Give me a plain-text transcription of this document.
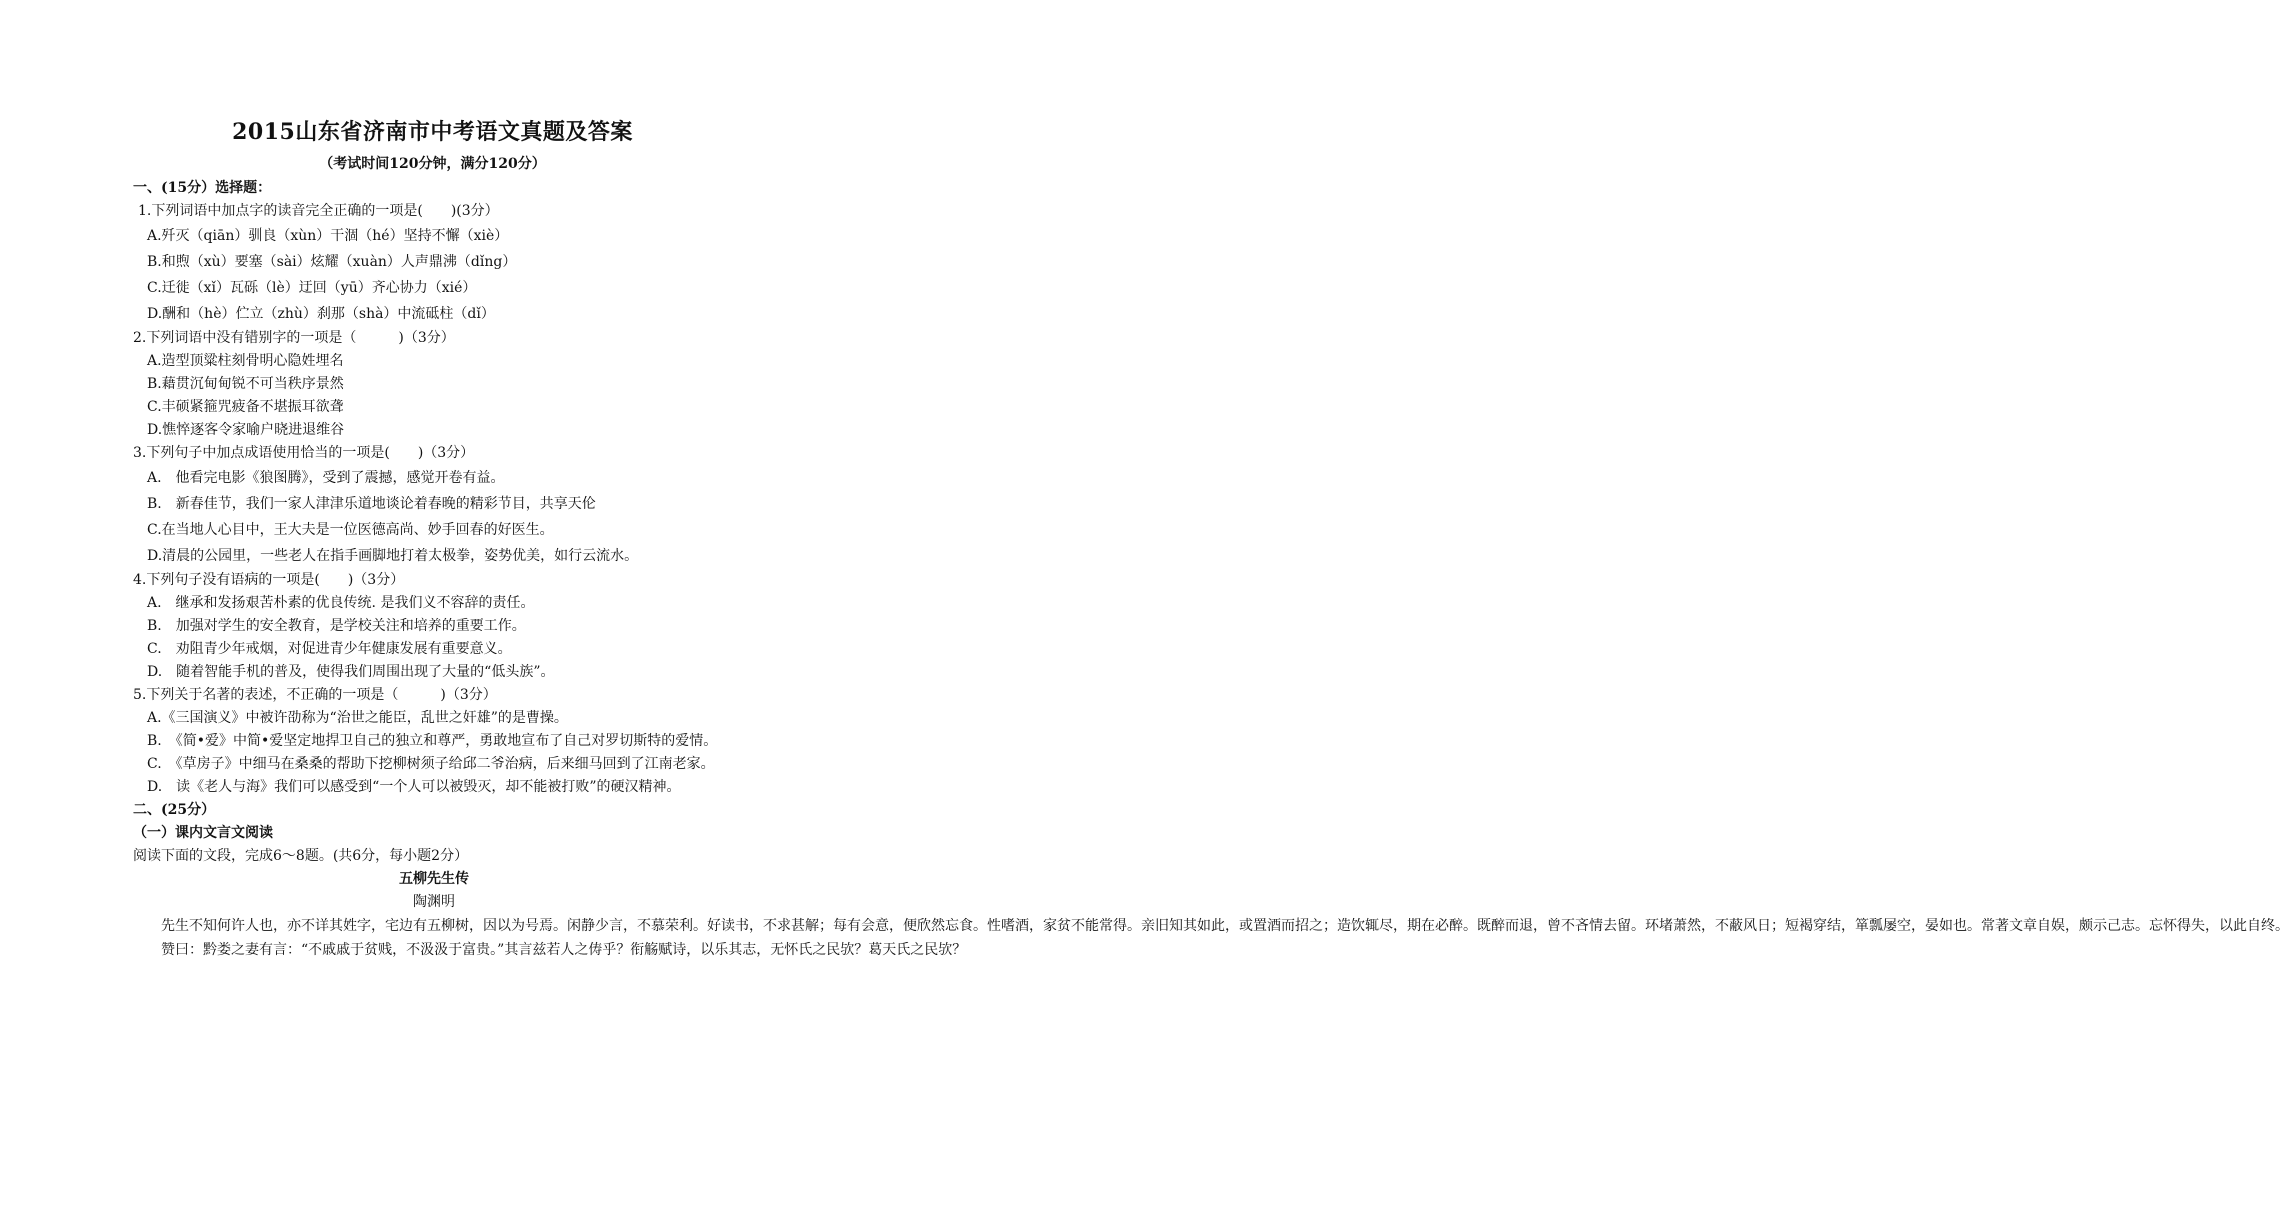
2015山东省济南市中考语文真题及答案
（考试时间120分钟，满分120分）

一、(15分）选择题：

1.下列词语中加点字的读音完全正确的一项是(　　)(3分）

A.歼灭（qiān）驯良（xùn）干涸（hé）坚持不懈（xiè）

B.和煦（xù）要塞（sài）炫耀（xuàn）人声鼎沸（dǐng）

C.迁徙（xǐ）瓦砾（lè）迂回（yū）齐心协力（xié）

D.酬和（hè）伫立（zhù）刹那（shà）中流砥柱（dǐ）

2.下列词语中没有错别字的一项是（　　　)（3分）

A.造型顶粱柱刻骨明心隐姓埋名

B.藉贯沉甸甸锐不可当秩序景然

C.丰硕紧箍咒疲备不堪振耳欲聋

D.憔悴逐客令家喻户晓进退维谷

3.下列句子中加点成语使用恰当的一项是(　　)（3分）

A.　他看完电影《狼图腾》，受到了震撼，感觉开卷有益。

B.　新春佳节，我们一家人津津乐道地谈论着春晚的精彩节目，共享天伦

C.在当地人心目中，王大夫是一位医德高尚、妙手回春的好医生。

D.清晨的公园里，一些老人在指手画脚地打着太极拳，姿势优美，如行云流水。

4.下列句子没有语病的一项是(　　)（3分）

A.　继承和发扬艰苦朴素的优良传统. 是我们义不容辞的责任。

B.　加强对学生的安全教育，是学校关注和培养的重要工作。

C.　劝阻青少年戒烟，对促进青少年健康发展有重要意义。

D.　随着智能手机的普及，使得我们周围出现了大量的“低头族”。

5.下列关于名著的表述，不正确的一项是（　　　)（3分）

A.《三国演义》中被许劭称为“治世之能臣，乱世之奸雄”的是曹操。

B.　《简•爱》中简•爱坚定地捍卫自己的独立和尊严，勇敢地宣布了自己对罗切斯特的爱情。

C.　《草房子》中细马在桑桑的帮助下挖柳树须子给邱二爷治病，后来细马回到了江南老家。

D.　读《老人与海》我们可以感受到“一个人可以被毁灭，却不能被打败”的硬汉精神。

二、(25分）

（一）课内文言文阅读

阅读下面的文段，完成6～8题。(共6分，每小题2分）

五柳先生传

陶渊明

先生不知何许人也，亦不详其姓字，宅边有五柳树，因以为号焉。闲静少言，不慕荣利。好读书，不求甚解；每有会意，便欣然忘食。性嗜酒，家贫不能常得。亲旧知其如此，或置酒而招之；造饮辄尽，期在必醉。既醉而退，曾不吝情去留。环堵萧然，不蔽风日；短褐穿结，箪瓢屡空，晏如也。常著文章自娱，颇示己志。忘怀得失，以此自终。

赞曰：黔娄之妻有言：“不戚戚于贫贱，不汲汲于富贵。”其言兹若人之俦乎？衔觞赋诗，以乐其志，无怀氏之民欤？葛天氏之民欤？
